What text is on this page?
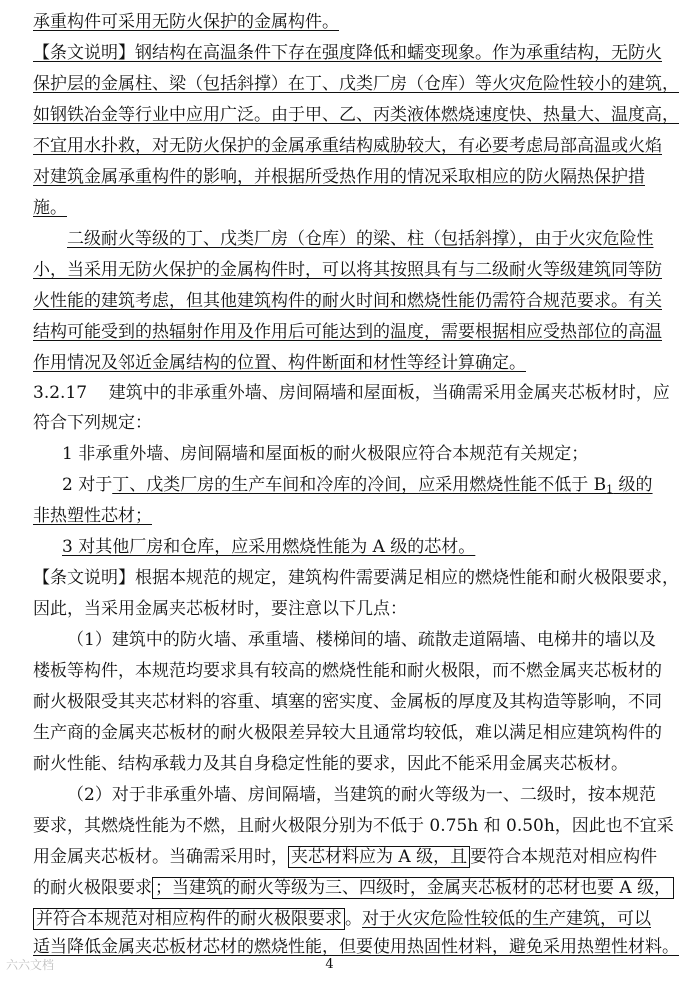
承重构件可采用无防火保护的金属构件。
【条文说明】钢结构在高温条件下存在强度降低和蠕变现象。作为承重结构，无防火
保护层的金属柱、梁（包括斜撑）在丁、戊类厂房（仓库）等火灾危险性较小的建筑，
如钢铁冶金等行业中应用广泛。由于甲、乙、丙类液体燃烧速度快、热量大、温度高，
不宜用水扑救，对无防火保护的金属承重结构威胁较大，有必要考虑局部高温或火焰
对建筑金属承重构件的影响，并根据所受热作用的情况采取相应的防火隔热保护措
施。
二级耐火等级的丁、戊类厂房（仓库）的梁、柱（包括斜撑），由于火灾危险性
小，当采用无防火保护的金属构件时，可以将其按照具有与二级耐火等级建筑同等防
火性能的建筑考虑，但其他建筑构件的耐火时间和燃烧性能仍需符合规范要求。有关
结构可能受到的热辐射作用及作用后可能达到的温度，需要根据相应受热部位的高温
作用情况及邻近金属结构的位置、构件断面和材性等经计算确定。
3.2.17 建筑中的非承重外墙、房间隔墙和屋面板，当确需采用金属夹芯板材时，应
符合下列规定：
1 非承重外墙、房间隔墙和屋面板的耐火极限应符合本规范有关规定；
2 对于丁、戊类厂房的生产车间和冷库的冷间，应采用燃烧性能不低于 $B_1$ 级的
非热塑性芯材；
3 对其他厂房和仓库，应采用燃烧性能为 A 级的芯材。
【条文说明】根据本规范的规定，建筑构件需要满足相应的燃烧性能和耐火极限要求，
因此，当采用金属夹芯板材时，要注意以下几点：
（1）建筑中的防火墙、承重墙、楼梯间的墙、疏散走道隔墙、电梯井的墙以及
楼板等构件，本规范均要求具有较高的燃烧性能和耐火极限，而不燃金属夹芯板材的
耐火极限受其夹芯材料的容重、填塞的密实度、金属板的厚度及其构造等影响，不同
生产商的金属夹芯板材的耐火极限差异较大且通常均较低，难以满足相应建筑构件的
耐火性能、结构承载力及其自身稳定性能的要求，因此不能采用金属夹芯板材。
（2）对于非承重外墙、房间隔墙，当建筑的耐火等级为一、二级时，按本规范
要求，其燃烧性能为不燃，且耐火极限分别为不低于 0.75h 和 0.50h，因此也不宜采
用金属夹芯板材。当确需采用时， 夹芯材料应为 A 级，且 要符合本规范对相应构件
的耐火极限要求 ；当建筑的耐火等级为三、四级时，金属夹芯板材的芯材也要 A 级，
并符合本规范对相应构件的耐火极限要求 。对于火灾危险性较低的生产建筑，可以
适当降低金属夹芯板材芯材的燃烧性能，但要使用热固性材料，避免采用热塑性材料。
六六文档	4
